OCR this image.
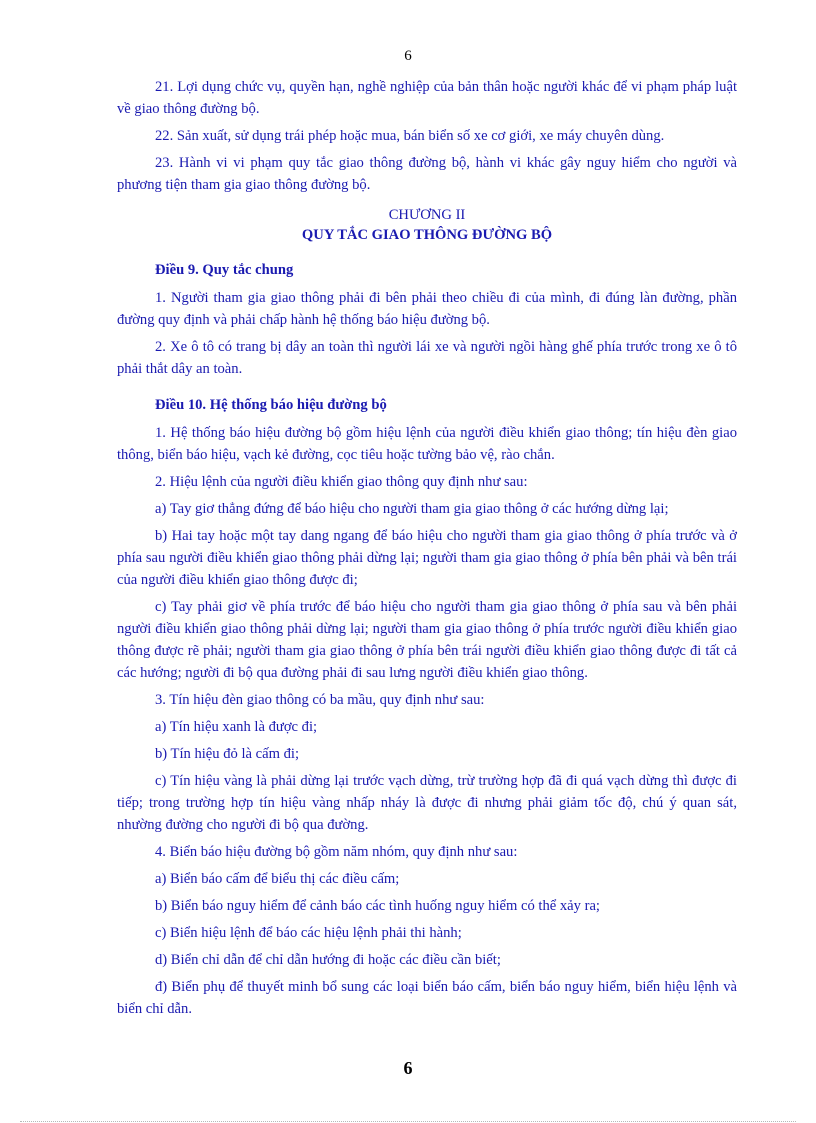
6

21. Lợi dụng chức vụ, quyền hạn, nghề nghiệp của bản thân hoặc người khác để vi phạm pháp luật về giao thông đường bộ.

22. Sản xuất, sử dụng trái phép hoặc mua, bán biển số xe cơ giới, xe máy chuyên dùng.

23. Hành vi vi phạm quy tắc giao thông đường bộ, hành vi khác gây nguy hiểm cho người và phương tiện tham gia giao thông đường bộ.

CHƯƠNG II

QUY TẮC GIAO THÔNG ĐƯỜNG BỘ

Điều 9. Quy tắc chung

1. Người tham gia giao thông phải đi bên phải theo chiều đi của mình, đi đúng làn đường, phần đường quy định và phải chấp hành hệ thống báo hiệu đường bộ.

2. Xe ô tô có trang bị dây an toàn thì người lái xe và người ngồi hàng ghế phía trước trong xe ô tô phải thắt dây an toàn.

Điều 10. Hệ thống báo hiệu đường bộ

1. Hệ thống báo hiệu đường bộ gồm hiệu lệnh của người điều khiển giao thông; tín hiệu đèn giao thông, biển báo hiệu, vạch kẻ đường, cọc tiêu hoặc tường bảo vệ, rào chắn.

2. Hiệu lệnh của người điều khiển giao thông quy định như sau:

a) Tay giơ thẳng đứng để báo hiệu cho người tham gia giao thông ở các hướng dừng lại;

b) Hai tay hoặc một tay dang ngang để báo hiệu cho người tham gia giao thông ở phía trước và ở phía sau người điều khiển giao thông phải dừng lại; người tham gia giao thông ở phía bên phải và bên trái của người điều khiển giao thông được đi;

c) Tay phải giơ về phía trước để báo hiệu cho người tham gia giao thông ở phía sau và bên phải người điều khiển giao thông phải dừng lại; người tham gia giao thông ở phía trước người điều khiển giao thông được rẽ phải; người tham gia giao thông ở phía bên trái người điều khiển giao thông được đi tất cả các hướng; người đi bộ qua đường phải đi sau lưng người điều khiển giao thông.

3. Tín hiệu đèn giao thông có ba mầu, quy định như sau:

a) Tín hiệu xanh là được đi;

b) Tín hiệu đỏ là cấm đi;

c) Tín hiệu vàng là phải dừng lại trước vạch dừng, trừ trường hợp đã đi quá vạch dừng thì được đi tiếp; trong trường hợp tín hiệu vàng nhấp nháy là được đi nhưng phải giảm tốc độ, chú ý quan sát, nhường đường cho người đi bộ qua đường.

4. Biển báo hiệu đường bộ gồm năm nhóm, quy định như sau:

a) Biển báo cấm để biểu thị các điều cấm;

b) Biển báo nguy hiểm để cảnh báo các tình huống nguy hiểm có thể xảy ra;

c) Biển hiệu lệnh để báo các hiệu lệnh phải thi hành;

d) Biển chỉ dẫn để chỉ dẫn hướng đi hoặc các điều cần biết;

đ) Biển phụ để thuyết minh bổ sung các loại biển báo cấm, biển báo nguy hiểm, biển hiệu lệnh và biển chỉ dẫn.

6
